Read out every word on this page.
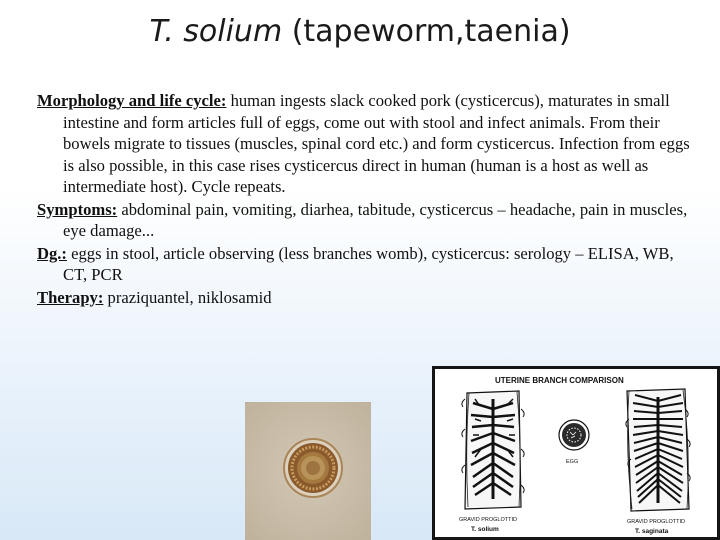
T. solium (tapeworm,taenia)

Morphology and life cycle: human ingests slack cooked pork (cysticercus), maturates in small intestine and form articles full of eggs, come out with stool and infect animals. From their bowels migrate to tissues (muscles, spinal cord etc.) and form cysticercus. Infection from eggs is also possible, in this case rises cysticercus direct in human (human is a host as well as intermediate host). Cycle repeats.

Symptoms: abdominal pain, vomiting, diarhea, tabitude, cysticercus – headache, pain in muscles, eye damage...

Dg.: eggs in stool, article observing (less branches womb), cysticercus: serology – ELISA, WB, CT, PCR

Therapy: praziquantel, niklosamid

UTERINE BRANCH COMPARISON
GRAVID PROGLOTTID
T. solium
EGG
GRAVID PROGLOTTID
T. saginata
